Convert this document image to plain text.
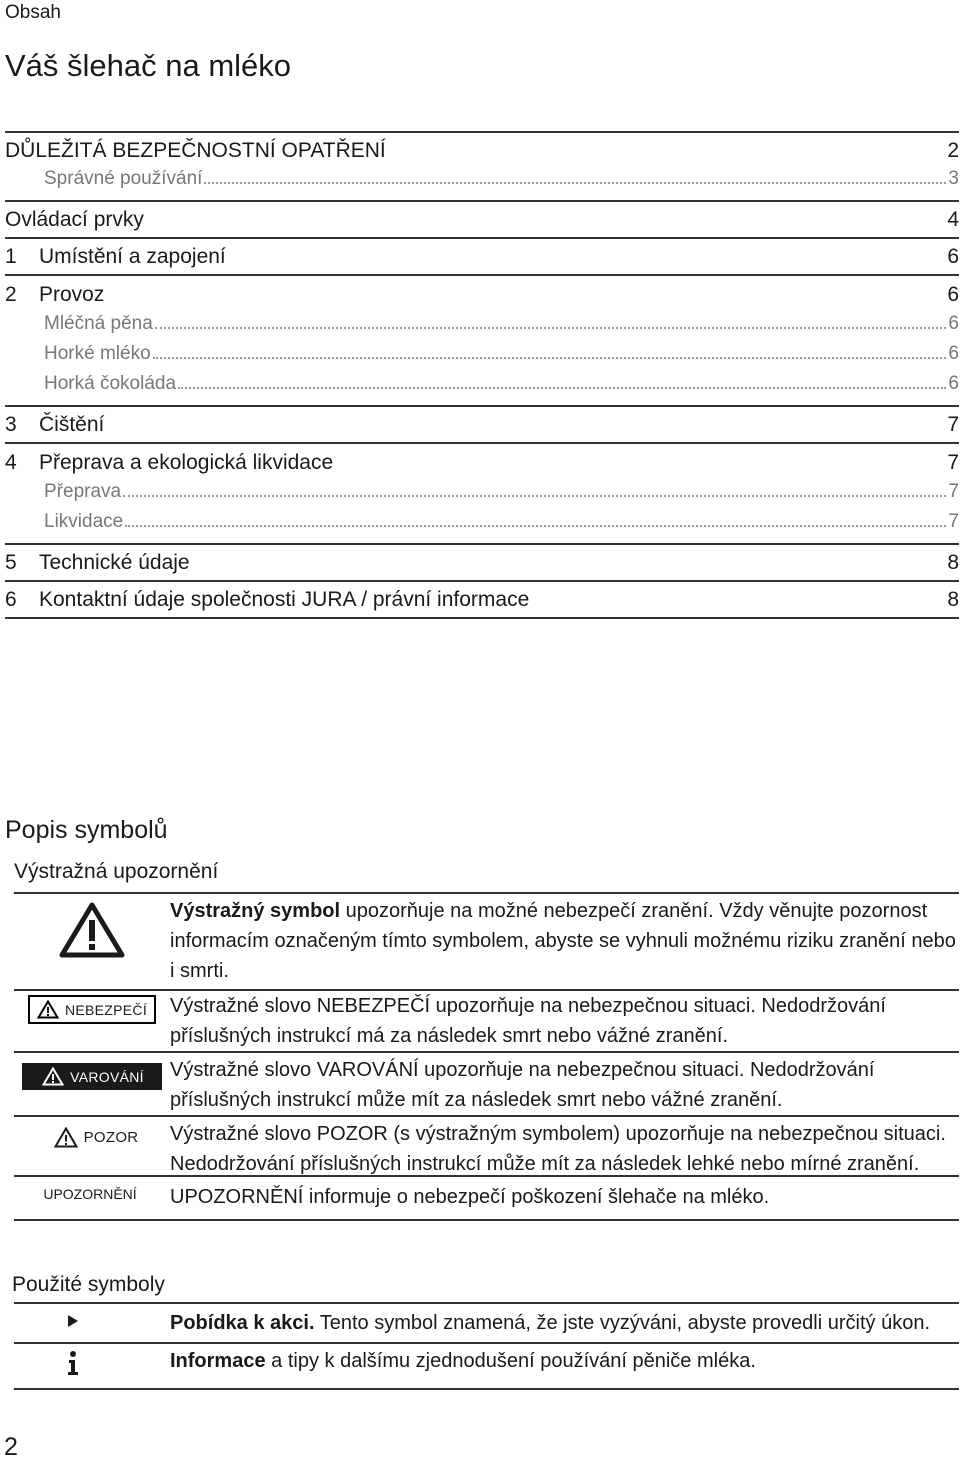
Obsah
Váš šlehač na mléko
DŮLEŽITÁ BEZPEČNOSTNÍ OPATŘENÍ	2
Správné používání	3
Ovládací prvky	4
1	Umístění a zapojení	6
2	Provoz	6
Mléčná pěna	6
Horké mléko	6
Horká čokoláda	6
3	Čištění	7
4	Přeprava a ekologická likvidace	7
Přeprava	7
Likvidace	7
5	Technické údaje	8
6	Kontaktní údaje společnosti JURA / právní informace	8
Popis symbolů
Výstražná upozornění
Výstražný symbol upozorňuje na možné nebezpečí zranění. Vždy věnujte pozornost informacím označeným tímto symbolem, abyste se vyhnuli možnému riziku zranění nebo i smrti.
NEBEZPEČÍ Výstražné slovo NEBEZPEČÍ upozorňuje na nebezpečnou situaci. Nedodržování příslušných instrukcí má za následek smrt nebo vážné zranění.
VAROVÁNÍ Výstražné slovo VAROVÁNÍ upozorňuje na nebezpečnou situaci. Nedodržování příslušných instrukcí může mít za následek smrt nebo vážné zranění.
POZOR Výstražné slovo POZOR (s výstražným symbolem) upozorňuje na nebezpečnou situaci. Nedodržování příslušných instrukcí může mít za následek lehké nebo mírné zranění.
UPOZORNĚNÍ UPOZORNĚNÍ informuje o nebezpečí poškození šlehače na mléko.
Použité symboly
Pobídka k akci. Tento symbol znamená, že jste vyzýváni, abyste provedli určitý úkon.
Informace a tipy k dalšímu zjednodušení používání pěniče mléka.
2
